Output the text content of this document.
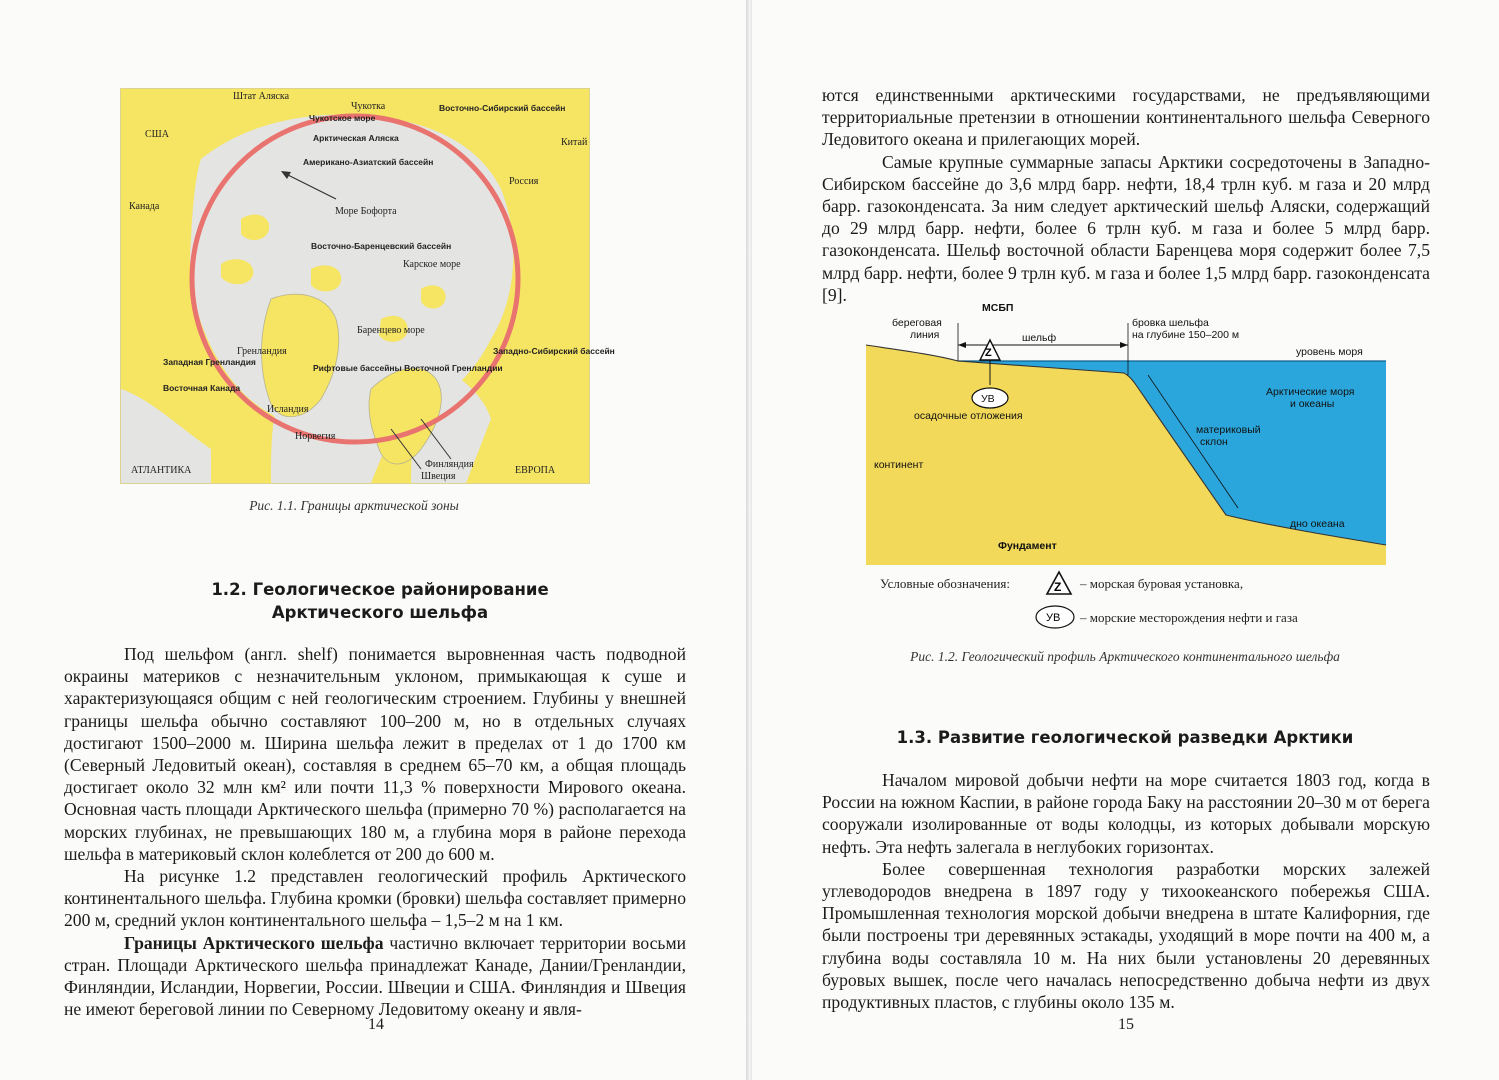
Штат Аляска
США
Канада
Чукотка
Чукотское море
Арктическая Аляска
Американо-Азиатский бассейн
Море Бофорта
Восточно-Баренцевский бассейн
Восточно-Сибирский бассейн
Китай
Россия
Карское море
Баренцево море
Гренландия
Западная Гренландия
Восточная Канада
Рифтовые бассейны Восточной Гренландии
Исландия
Норвегия
Финляндия
Швеция
АТЛАНТИКА	ЕВРОПА
Западно-Сибирский бассейн
Рис. 1.1. Границы арктической зоны
1.2. Геологическое районирование
Арктического шельфа

Под шельфом (англ. shelf) понимается выровненная часть подводной окраины материков с незначительным уклоном, примыкающая к суше и характеризующаяся общим с ней геологическим строением. Глубины у внешней границы шельфа обычно составляют 100–200 м, но в отдельных случаях достигают 1500–2000 м. Ширина шельфа лежит в пределах от 1 до 1700 км (Северный Ледовитый океан), составляя в среднем 65–70 км, а общая площадь достигает около 32 млн км² или почти 11,3 % поверхности Мирового океана. Основная часть площади Арктического шельфа (примерно 70 %) располагается на морских глубинах, не превышающих 180 м, а глубина моря в районе перехода шельфа в материковый склон колеблется от 200 до 600 м.

На рисунке 1.2 представлен геологический профиль Арктического континентального шельфа. Глубина кромки (бровки) шельфа составляет примерно 200 м, средний уклон континентального шельфа – 1,5–2 м на 1 км.

Границы Арктического шельфа частично включает территории восьми стран. Площади Арктического шельфа принадлежат Канаде, Дании/Гренландии, Финляндии, Исландии, Норвегии, России. Швеции и США. Финляндия и Швеция не имеют береговой линии по Северному Ледовитому океану и явля-

14

ются единственными арктическими государствами, не предъявляющими территориальные претензии в отношении континентального шельфа Северного Ледовитого океана и прилегающих морей.

Самые крупные суммарные запасы Арктики сосредоточены в Западно-Сибирском бассейне до 3,6 млрд барр. нефти, 18,4 трлн куб. м газа и 20 млрд барр. газоконденсата. За ним следует арктический шельф Аляски, содержащий до 29 млрд барр. нефти, более 6 трлн куб. м газа и более 5 млрд барр. газоконденсата. Шельф восточной области Баренцева моря содержит более 7,5 млрд барр. нефти, более 9 трлн куб. м газа и более 1,5 млрд барр. газоконденсата [9].

Z
УВ
МСБП
береговая
линия	шельф
бровка шельфа
на глубине 150–200 м
уровень моря
Арктические моря
и океаны
осадочные отложения
материковый
склон
континент
дно океана
Фундамент
Условные обозначения:	Z – морская буровая установка,
УВ – морские месторождения нефти и газа
Рис. 1.2. Геологический профиль Арктического континентального шельфа
1.3. Развитие геологической разведки Арктики

Началом мировой добычи нефти на море считается 1803 год, когда в России на южном Каспии, в районе города Баку на расстоянии 20–30 м от берега сооружали изолированные от воды колодцы, из которых добывали морскую нефть. Эта нефть залегала в неглубоких горизонтах.

Более совершенная технология разработки морских залежей углеводородов внедрена в 1897 году у тихоокеанского побережья США. Промышленная технология морской добычи внедрена в штате Калифорния, где были построены три деревянных эстакады, уходящий в море почти на 400 м, а глубина воды составляла 10 м. На них были установлены 20 деревянных буровых вышек, после чего началась непосредственно добыча нефти из двух продуктивных пластов, с глубины около 135 м.

15
